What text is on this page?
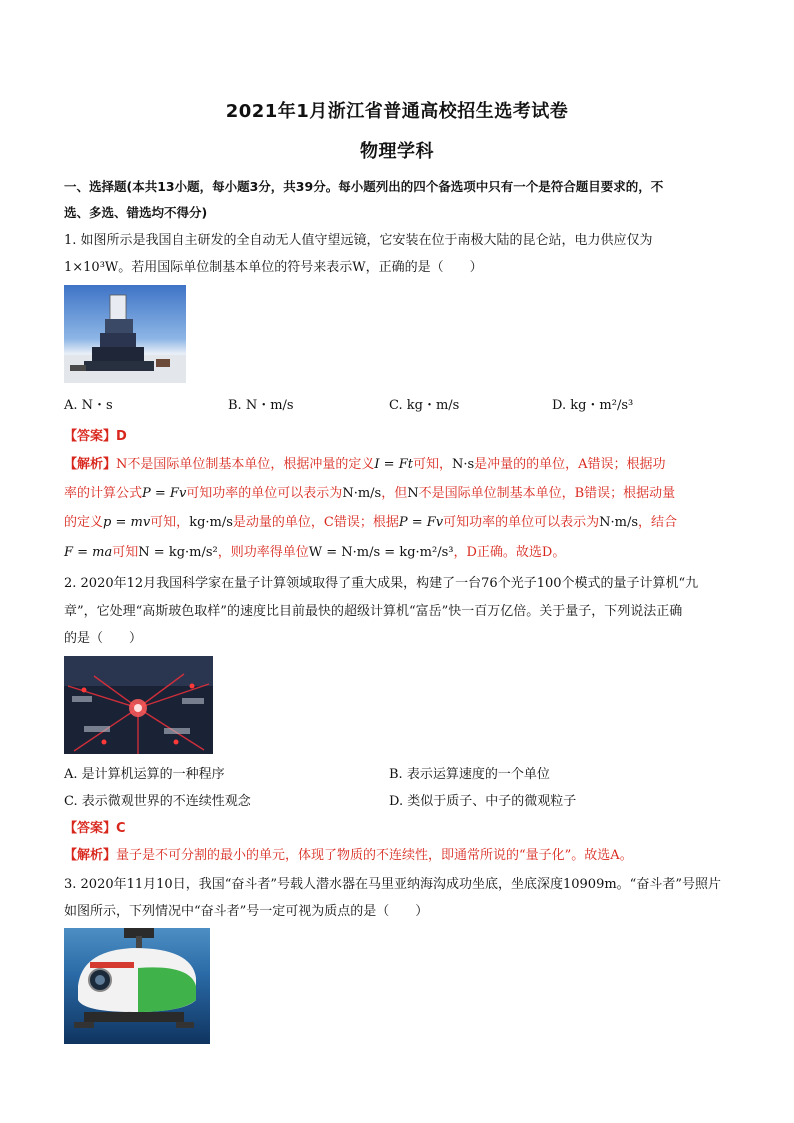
2021年1月浙江省普通高校招生选考试卷
物理学科
一、选择题(本共13小题，每小题3分，共39分。每小题列出的四个备选项中只有一个是符合题目要求的，不
选、多选、错选均不得分)
1. 如图所示是我国自主研发的全自动无人值守望远镜，它安装在位于南极大陆的昆仑站，电力供应仅为
1×10³W。若用国际单位制基本单位的符号来表示W，正确的是（　　）
A. N・s	B. N・m/s	C. kg・m/s	D. kg・m²/s³
【答案】D
【解析】N不是国际单位制基本单位，根据冲量的定义I = Ft可知，N·s是冲量的的单位，A错误；根据功
率的计算公式P = Fv可知功率的单位可以表示为N·m/s，但N不是国际单位制基本单位，B错误；根据动量
的定义p = mv可知，kg·m/s是动量的单位，C错误；根据P = Fv可知功率的单位可以表示为N·m/s，结合
F = ma可知N = kg·m/s²，则功率得单位W = N·m/s = kg·m²/s³，D正确。故选D。
2. 2020年12月我国科学家在量子计算领域取得了重大成果，构建了一台76个光子100个模式的量子计算机“九
章”，它处理“高斯玻色取样”的速度比目前最快的超级计算机“富岳”快一百万亿倍。关于量子，下列说法正确
的是（　　）
A. 是计算机运算的一种程序	B. 表示运算速度的一个单位
C. 表示微观世界的不连续性观念	D. 类似于质子、中子的微观粒子
【答案】C
【解析】量子是不可分割的最小的单元，体现了物质的不连续性，即通常所说的“量子化”。故选A。
3. 2020年11月10日，我国“奋斗者”号载人潜水器在马里亚纳海沟成功坐底，坐底深度10909m。“奋斗者”号照片
如图所示，下列情况中“奋斗者”号一定可视为质点的是（　　）
